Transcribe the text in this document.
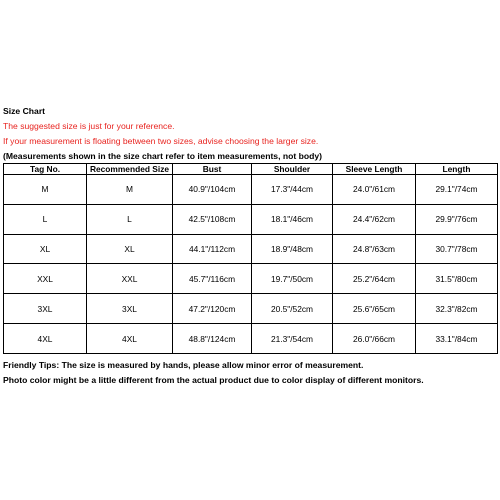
Size Chart
The suggested size is just for your reference.
If your measurement is floating between two sizes, advise choosing the larger size.
(Measurements shown in the size chart refer to item measurements, not body)
Tag No.	Recommended Size	Bust	Shoulder	Sleeve Length	Length
M	M	40.9"/104cm	17.3"/44cm	24.0"/61cm	29.1"/74cm
L	L	42.5"/108cm	18.1"/46cm	24.4"/62cm	29.9"/76cm
XL	XL	44.1"/112cm	18.9"/48cm	24.8"/63cm	30.7"/78cm
XXL	XXL	45.7"/116cm	19.7"/50cm	25.2"/64cm	31.5"/80cm
3XL	3XL	47.2"/120cm	20.5"/52cm	25.6"/65cm	32.3"/82cm
4XL	4XL	48.8"/124cm	21.3"/54cm	26.0"/66cm	33.1"/84cm
Friendly Tips: The size is measured by hands, please allow minor error of measurement.
Photo color might be a little different from the actual product due to color display of different monitors.
